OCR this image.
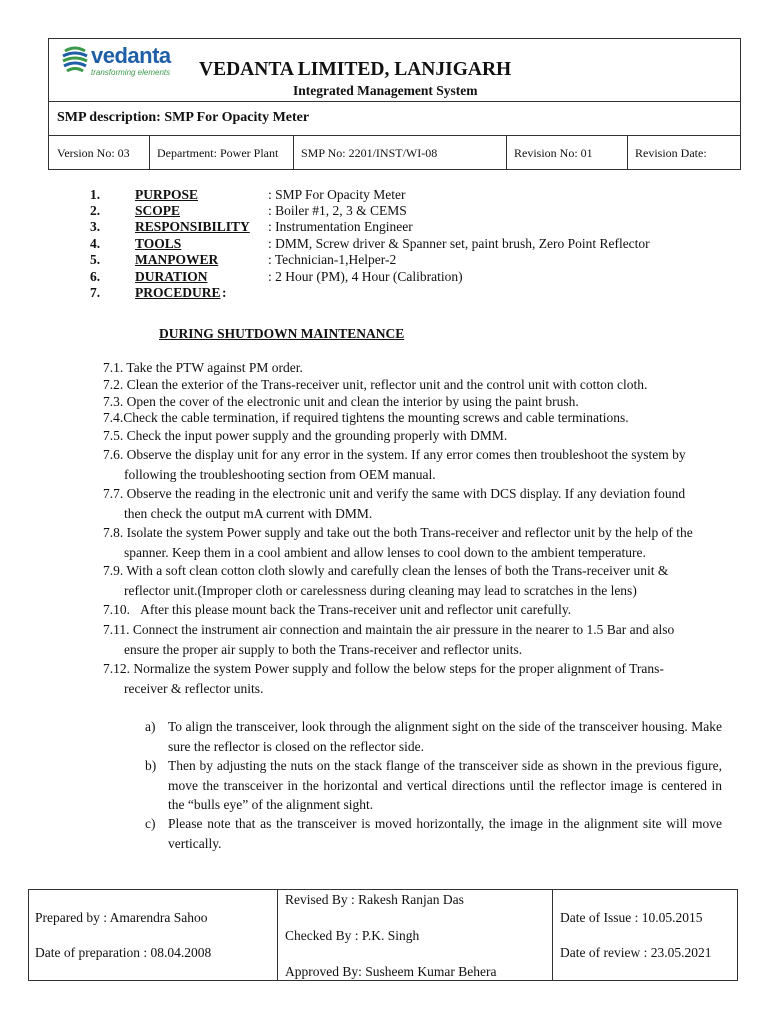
vedanta
transforming elements VEDANTA LIMITED, LANJIGARH
Integrated Management System
SMP description: SMP For Opacity Meter
Version No: 03 Department: Power Plant SMP No: 2201/INST/WI-08	Revision No: 01	Revision Date:
1.	PURPOSE	: SMP For Opacity Meter
2.	SCOPE	: Boiler #1, 2, 3 & CEMS
3.	RESPONSIBILITY : Instrumentation Engineer
4.	TOOLS	: DMM, Screw driver & Spanner set, paint brush, Zero Point Reflector
5.	MANPOWER	: Technician-1,Helper-2
6.	DURATION	: 2 Hour (PM), 4 Hour (Calibration)
7.	PROCEDURE :
DURING SHUTDOWN MAINTENANCE
7.1. Take the PTW against PM order.
7.2. Clean the exterior of the Trans-receiver unit, reflector unit and the control unit with cotton cloth.
7.3. Open the cover of the electronic unit and clean the interior by using the paint brush.
7.4.Check the cable termination, if required tightens the mounting screws and cable terminations.
7.5. Check the input power supply and the grounding properly with DMM.
7.6. Observe the display unit for any error in the system. If any error comes then troubleshoot the system by
following the troubleshooting section from OEM manual.
7.7. Observe the reading in the electronic unit and verify the same with DCS display. If any deviation found
then check the output mA current with DMM.
7.8. Isolate the system Power supply and take out the both Trans-receiver and reflector unit by the help of the
spanner. Keep them in a cool ambient and allow lenses to cool down to the ambient temperature.
7.9. With a soft clean cotton cloth slowly and carefully clean the lenses of both the Trans-receiver unit &
reflector unit.(Improper cloth or carelessness during cleaning may lead to scratches in the lens)
7.10. After this please mount back the Trans-receiver unit and reflector unit carefully.
7.11. Connect the instrument air connection and maintain the air pressure in the nearer to 1.5 Bar and also
ensure the proper air supply to both the Trans-receiver and reflector units.
7.12. Normalize the system Power supply and follow the below steps for the proper alignment of Trans-
receiver & reflector units.
a) To align the transceiver, look through the alignment sight on the side of the transceiver housing. Make sure the reflector is closed on the reflector side.
b) Then by adjusting the nuts on the stack flange of the transceiver side as shown in the previous figure, move the transceiver in the horizontal and vertical directions until the reflector image is centered in the “bulls eye” of the alignment sight.
c) Please note that as the transceiver is moved horizontally, the image in the alignment site will move vertically.
Prepared by : Amarendra Sahoo
Date of preparation : 08.04.2008
Revised By : Rakesh Ranjan Das
Checked By : P.K. Singh
Approved By: Susheem Kumar Behera
Date of Issue : 10.05.2015
Date of review : 23.05.2021
